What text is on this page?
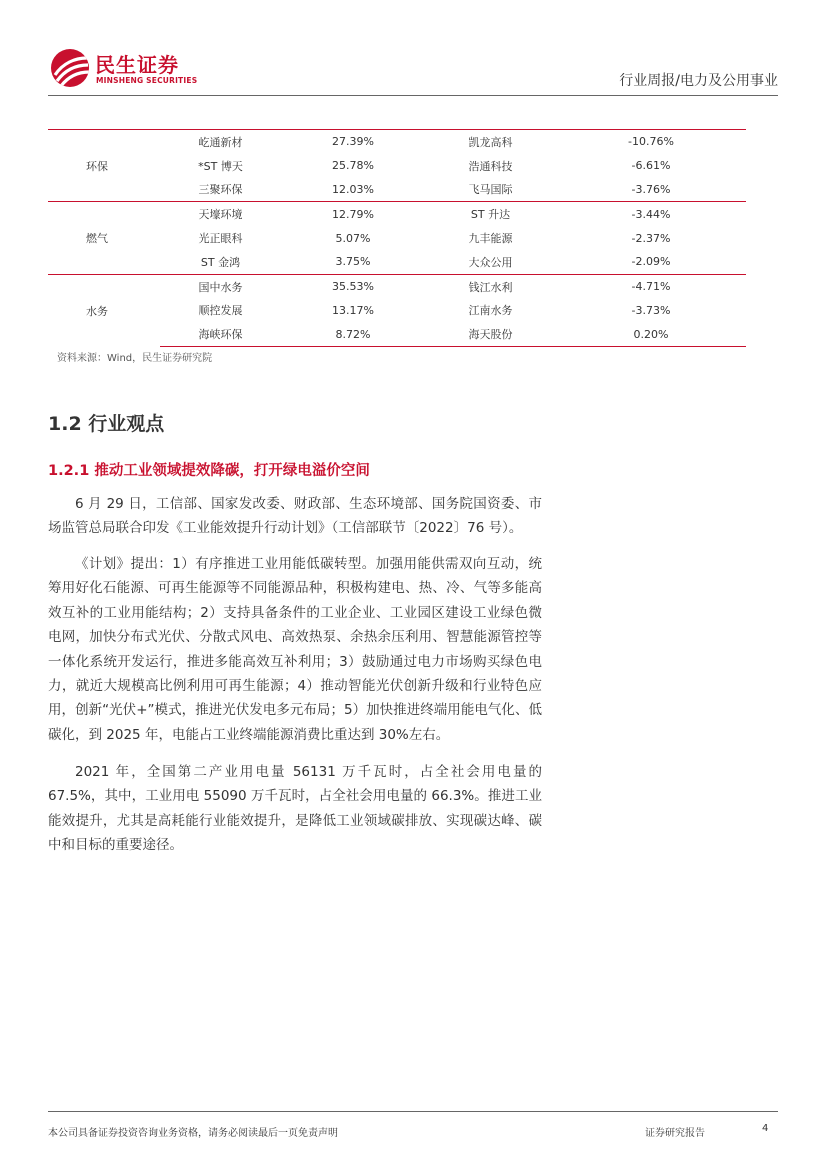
民生证券
MINSHENG SECURITIES	行业周报/电力及公用事业
环保	屹通新材	27.39%	凯龙高科	-10.76%
	*ST 博天	25.78%	浩通科技	-6.61%
	三聚环保	12.03%	飞马国际	-3.76%
燃气	天壕环境	12.79%	ST 升达	-3.44%
	光正眼科	5.07%	九丰能源	-2.37%
	ST 金鸿	3.75%	大众公用	-2.09%
水务	国中水务	35.53%	钱江水利	-4.71%
	顺控发展	13.17%	江南水务	-3.73%
	海峡环保	8.72%	海天股份	0.20%
资料来源：Wind，民生证券研究院
1.2 行业观点
1.2.1 推动工业领域提效降碳，打开绿电溢价空间
6 月 29 日，工信部、国家发改委、财政部、生态环境部、国务院国资委、市场监管总局联合印发《工业能效提升行动计划》（工信部联节〔2022〕76 号）。
《计划》提出：1）有序推进工业用能低碳转型。加强用能供需双向互动，统筹用好化石能源、可再生能源等不同能源品种，积极构建电、热、冷、气等多能高效互补的工业用能结构；2）支持具备条件的工业企业、工业园区建设工业绿色微电网，加快分布式光伏、分散式风电、高效热泵、余热余压利用、智慧能源管控等一体化系统开发运行，推进多能高效互补利用；3）鼓励通过电力市场购买绿色电力，就近大规模高比例利用可再生能源；4）推动智能光伏创新升级和行业特色应用，创新“光伏+”模式，推进光伏发电多元布局；5）加快推进终端用能电气化、低碳化，到 2025 年，电能占工业终端能源消费比重达到 30%左右。
2021 年，全国第二产业用电量 56131 万千瓦时，占全社会用电量的 67.5%，其中，工业用电 55090 万千瓦时，占全社会用电量的 66.3%。推进工业能效提升，尤其是高耗能行业能效提升，是降低工业领域碳排放、实现碳达峰、碳中和目标的重要途径。
本公司具备证券投资咨询业务资格，请务必阅读最后一页免责声明	证券研究报告	4
